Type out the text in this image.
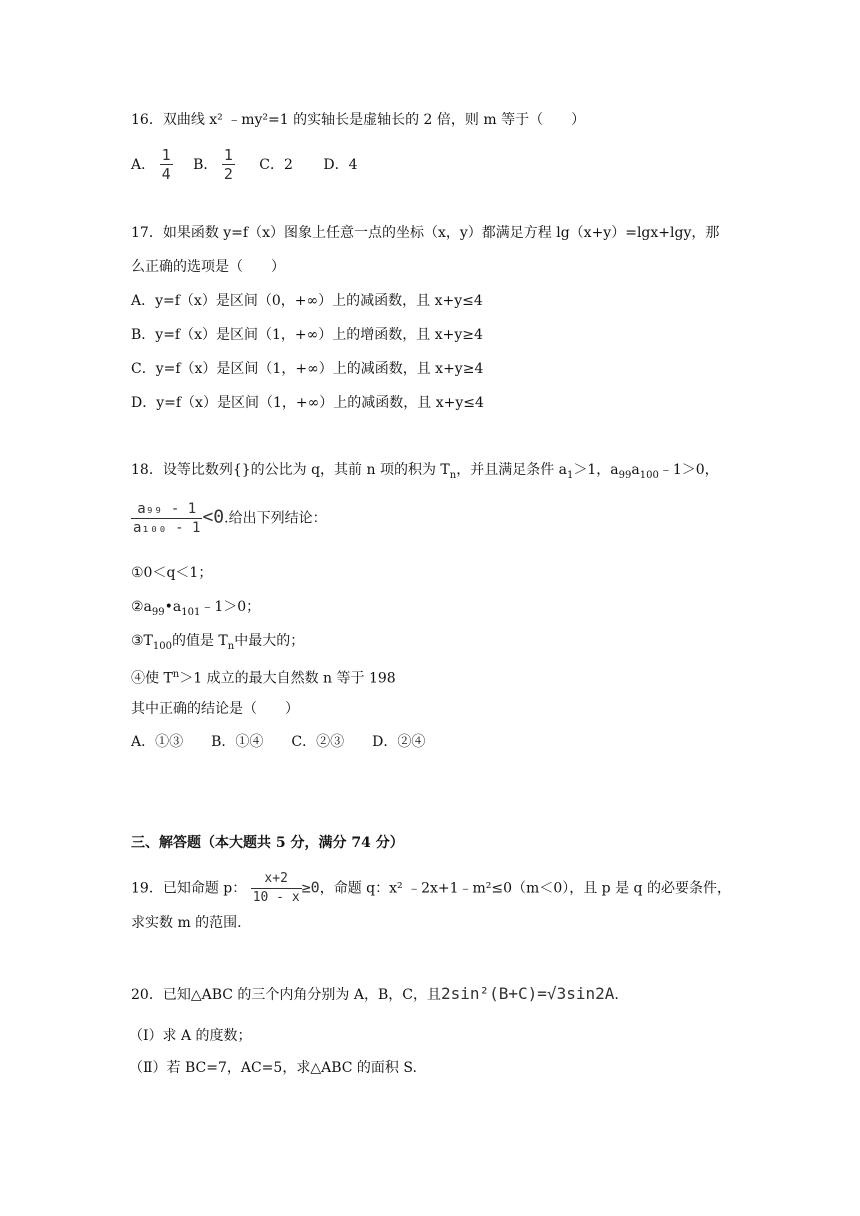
16．双曲线 x² ﹣my²=1 的实轴长是虚轴长的 2 倍，则 m 等于（　　）
A． $\frac{1}{4}$ B． $\frac{1}{2}$ C．2 D．4
17．如果函数 y=f（x）图象上任意一点的坐标（x，y）都满足方程 lg（x+y）=lgx+lgy，那
么正确的选项是（　　）
A．y=f（x）是区间（0，+∞）上的减函数，且 x+y≤4
B．y=f（x）是区间（1，+∞）上的增函数，且 x+y≥4
C．y=f（x）是区间（1，+∞）上的减函数，且 x+y≥4
D．y=f（x）是区间（1，+∞）上的减函数，且 x+y≤4
18．设等比数列{}的公比为 q，其前 n 项的积为 $T_n$，并且满足条件 $a_1>1$，$a_{99}a_{100}﹣1>0$，
$\frac{\text{a₉₉ - 1}}{\text{a₁₀₀ - 1}} <0$.给出下列结论：
①0＜q＜1；
$②a_{99}•a_{101}﹣1>0$；
$③T_{100}$的值是 $T_n$中最大的；
④使 $T^n>1$ 成立的最大自然数 n 等于 198
其中正确的结论是（　　）
A．①③　　B．①④　　C．②③　　D．②④
三、解答题（本大题共 5 分，满分 74 分）
19．已知命题 p： $\frac{x+2}{10 - x} \ge 0$，命题 q：x² ﹣2x+1﹣m²≤0（m＜0），且 p 是 q 的必要条件，
求实数 m 的范围.
20．已知△ABC 的三个内角分别为 A，B，C，且2sin²(B+C)=√3sin2A.
（Ⅰ）求 A 的度数；
（Ⅱ）若 BC=7，AC=5，求△ABC 的面积 S.
